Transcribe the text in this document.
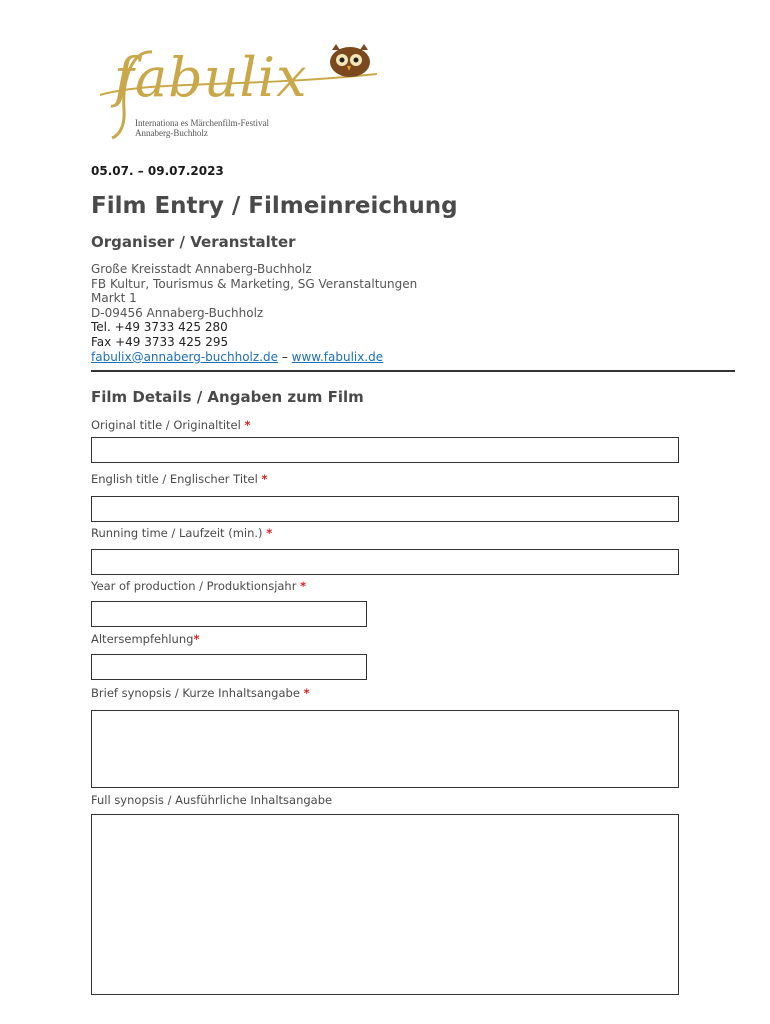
fabulix
Internationa es Märchenfilm-Festival
Annaberg-Buchholz
05.07. – 09.07.2023
Film Entry / Filmeinreichung
Organiser / Veranstalter
Große Kreisstadt Annaberg-Buchholz
FB Kultur, Tourismus & Marketing, SG Veranstaltungen
Markt 1
D-09456 Annaberg-Buchholz
Tel. +49 3733 425 280
Fax +49 3733 425 295
fabulix@annaberg-buchholz.de – www.fabulix.de
Film Details / Angaben zum Film
Original title / Originaltitel *
English title / Englischer Titel *
Running time / Laufzeit (min.) *
Year of production / Produktionsjahr *
Altersempfehlung*
Brief synopsis / Kurze Inhaltsangabe *
Full synopsis / Ausführliche Inhaltsangabe
